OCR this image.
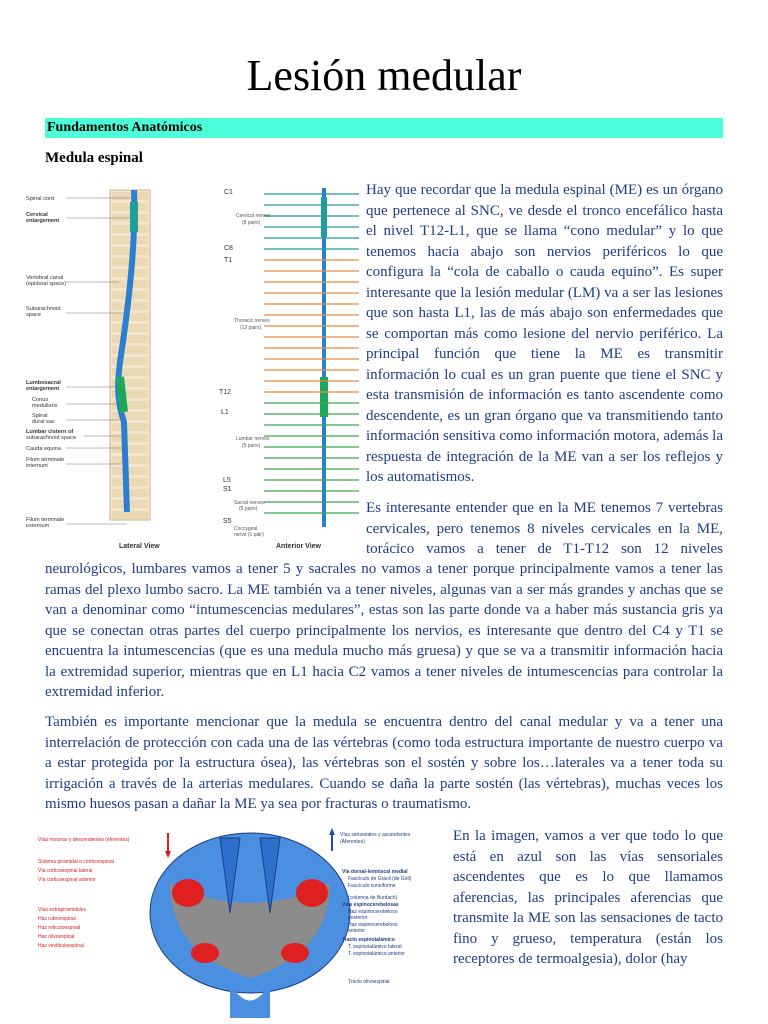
Lesión medular
Fundamentos Anatómicos
Medula espinal
C1
C8
T1
T12
L1
L5
S1
S5
Cervical nerves
(8 pairs)
Thoracic nerves
(12 pairs)
Lumbar nerves
(5 pairs)
Sacral nerves
(5 pairs)
Coccygeal
nerve (1 pair)
Spinal cord
Cervical
enlargement
Vertebral canal
(epidural space)
Subarachnoid
space
Lumbosacral
enlargement
Conus
medullaris
Spinal
dural sac
Lumbar cistern of
subarachnoid space
Cauda equina
Filum terminale
internum
Filum terminale
externum
Lateral View	Anterior View

Hay que recordar que la medula espinal (ME) es un órgano que pertenece al SNC, ve desde el tronco encefálico hasta el nivel T12-L1, que se llama “cono medular” y lo que tenemos hacia abajo son nervios periféricos lo que configura la “cola de caballo o cauda equino”. Es super interesante que la lesión medular (LM) va a ser las lesiones que son hasta L1, las de más abajo son enfermedades que se comportan más como lesione del nervio periférico. La principal función que tiene la ME es transmitir información lo cual es un gran puente que tiene el SNC y esta transmisión de información es tanto ascendente como descendente, es un gran órgano que va transmitiendo tanto información sensitiva como información motora, además la respuesta de integración de la ME van a ser los reflejos y los automatismos.

Es interesante entender que en la ME tenemos 7 vertebras cervicales, pero tenemos 8 niveles cervicales en la ME, torácico vamos a tener de T1-T12 son 12 niveles

neurológicos, lumbares vamos a tener 5 y sacrales no vamos a tener porque principalmente vamos a tener las ramas del plexo lumbo sacro. La ME también va a tener niveles, algunas van a ser más grandes y anchas que se van a denominar como “intumescencias medulares”, estas son las parte donde va a haber más sustancia gris ya que se conectan otras partes del cuerpo principalmente los nervios, es interesante que dentro del C4 y T1 se encuentra la intumescencias (que es una medula mucho más gruesa) y que se va a transmitir información hacia la extremidad superior, mientras que en L1 hacia C2 vamos a tener niveles de intumescencias para controlar la extremidad inferior.

También es importante mencionar que la medula se encuentra dentro del canal medular y va a tener una interrelación de protección con cada una de las vértebras (como toda estructura importante de nuestro cuerpo va a estar protegida por la estructura ósea), las vértebras son el sostén y sobre los…laterales va a tener toda su irrigación a través de la arterias medulares. Cuando se daña la parte sostén (las vértebras), muchas veces los mismo huesos pasan a dañar la ME ya sea por fracturas o traumatismo.

Vías motoras y descendentes (eferentes)
Sistema piramidal o corticoespinal
Vía corticoespinal lateral
Vía corticoespinal anterior
Vías extrapiramidales
Haz rubroespinal
Haz reticuloespinal
Haz olivoespinal
Haz vestibuloespinal
Vías sensoriales y ascendentes
(Aferentes)
Vía dorsal-lemniscal medial
Fascículo de Grácil (de Goll)
Fascículo cuneiforme
(columna de Burdach)
Vías espinocerebelosas
Haz espinocerebeloso
posterior
Haz espinocerebeloso
anterior
Tracto espinotalámico
T. espinotalámico lateral
T. espinotalámico anterior
Tracto olivoespinal

En la imagen, vamos a ver que todo lo que está en azul son las vías sensoriales ascendentes que es lo que llamamos aferencias, las principales aferencias que transmite la ME son las sensaciones de tacto fino y grueso, temperatura (están los receptores de termoalgesia), dolor (hay
